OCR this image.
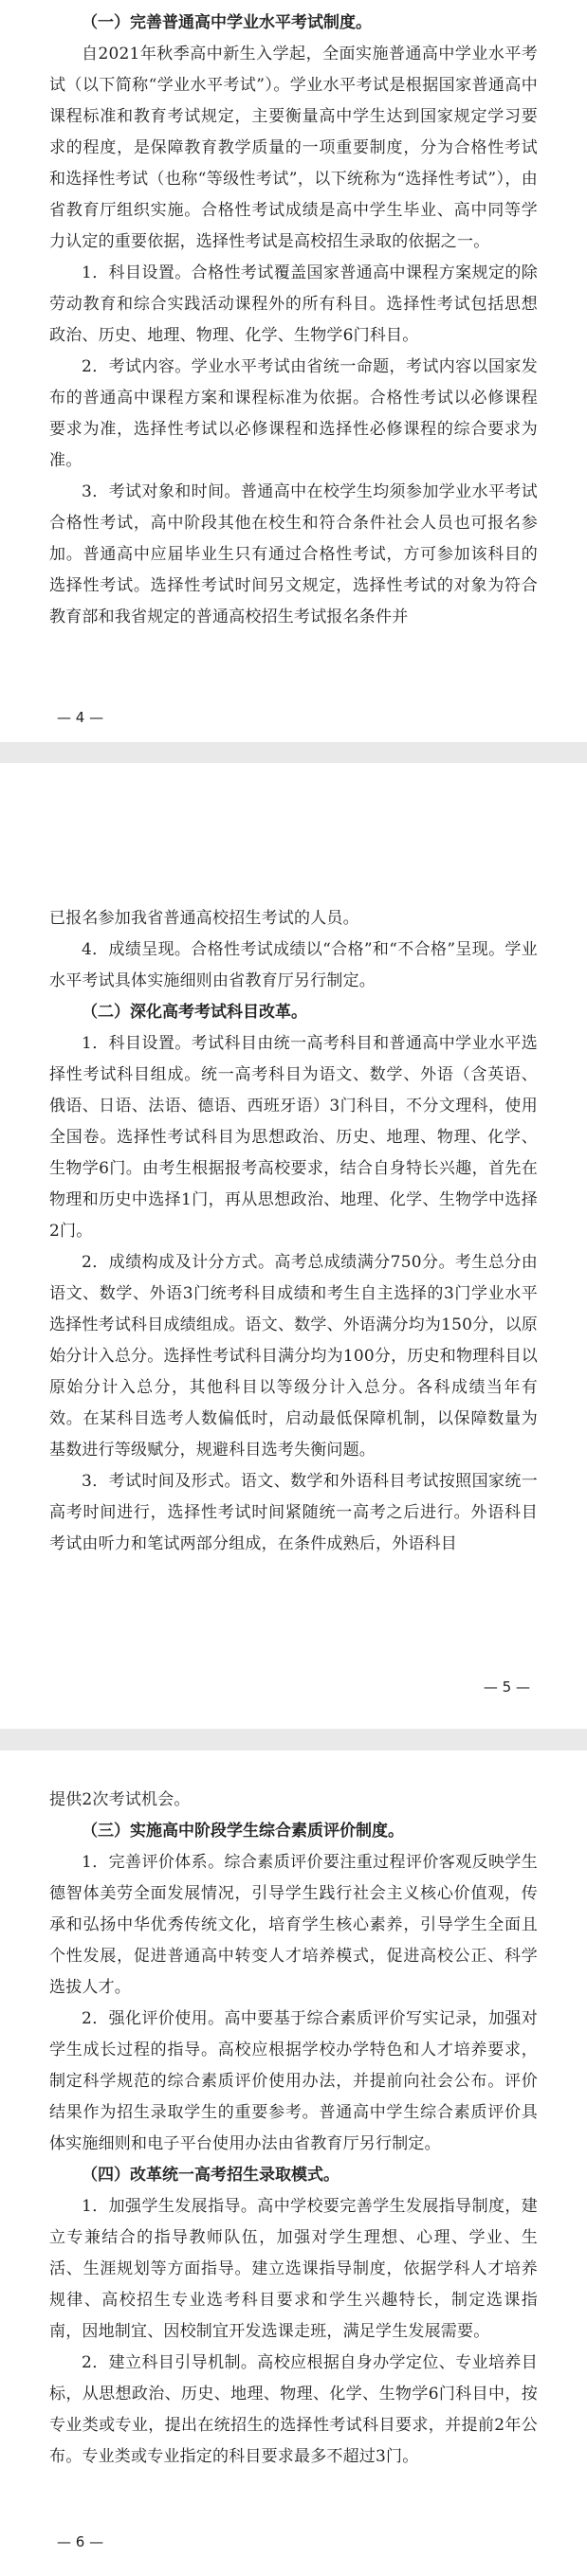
（一）完善普通高中学业水平考试制度。

自2021年秋季高中新生入学起，全面实施普通高中学业水平考试（以下简称“学业水平考试”）。学业水平考试是根据国家普通高中课程标准和教育考试规定，主要衡量高中学生达到国家规定学习要求的程度，是保障教育教学质量的一项重要制度，分为合格性考试和选择性考试（也称“等级性考试”，以下统称为“选择性考试”），由省教育厅组织实施。合格性考试成绩是高中学生毕业、高中同等学力认定的重要依据，选择性考试是高校招生录取的依据之一。

1．科目设置。合格性考试覆盖国家普通高中课程方案规定的除劳动教育和综合实践活动课程外的所有科目。选择性考试包括思想政治、历史、地理、物理、化学、生物学6门科目。

2．考试内容。学业水平考试由省统一命题，考试内容以国家发布的普通高中课程方案和课程标准为依据。合格性考试以必修课程要求为准，选择性考试以必修课程和选择性必修课程的综合要求为准。

3．考试对象和时间。普通高中在校学生均须参加学业水平考试合格性考试，高中阶段其他在校生和符合条件社会人员也可报名参加。普通高中应届毕业生只有通过合格性考试，方可参加该科目的选择性考试。选择性考试时间另文规定，选择性考试的对象为符合教育部和我省规定的普通高校招生考试报名条件并

— 4 —

已报名参加我省普通高校招生考试的人员。

4．成绩呈现。合格性考试成绩以“合格”和“不合格”呈现。学业水平考试具体实施细则由省教育厅另行制定。

（二）深化高考考试科目改革。

1．科目设置。考试科目由统一高考科目和普通高中学业水平选择性考试科目组成。统一高考科目为语文、数学、外语（含英语、俄语、日语、法语、德语、西班牙语）3门科目，不分文理科，使用全国卷。选择性考试科目为思想政治、历史、地理、物理、化学、生物学6门。由考生根据报考高校要求，结合自身特长兴趣，首先在物理和历史中选择1门，再从思想政治、地理、化学、生物学中选择2门。

2．成绩构成及计分方式。高考总成绩满分750分。考生总分由语文、数学、外语3门统考科目成绩和考生自主选择的3门学业水平选择性考试科目成绩组成。语文、数学、外语满分均为150分，以原始分计入总分。选择性考试科目满分均为100分，历史和物理科目以原始分计入总分，其他科目以等级分计入总分。各科成绩当年有效。在某科目选考人数偏低时，启动最低保障机制，以保障数量为基数进行等级赋分，规避科目选考失衡问题。

3．考试时间及形式。语文、数学和外语科目考试按照国家统一高考时间进行，选择性考试时间紧随统一高考之后进行。外语科目考试由听力和笔试两部分组成，在条件成熟后，外语科目

— 5 —

提供2次考试机会。

（三）实施高中阶段学生综合素质评价制度。

1．完善评价体系。综合素质评价要注重过程评价客观反映学生德智体美劳全面发展情况，引导学生践行社会主义核心价值观，传承和弘扬中华优秀传统文化，培育学生核心素养，引导学生全面且个性发展，促进普通高中转变人才培养模式，促进高校公正、科学选拔人才。

2．强化评价使用。高中要基于综合素质评价写实记录，加强对学生成长过程的指导。高校应根据学校办学特色和人才培养要求，制定科学规范的综合素质评价使用办法，并提前向社会公布。评价结果作为招生录取学生的重要参考。普通高中学生综合素质评价具体实施细则和电子平台使用办法由省教育厅另行制定。

（四）改革统一高考招生录取模式。

1．加强学生发展指导。高中学校要完善学生发展指导制度，建立专兼结合的指导教师队伍，加强对学生理想、心理、学业、生活、生涯规划等方面指导。建立选课指导制度，依据学科人才培养规律、高校招生专业选考科目要求和学生兴趣特长，制定选课指南，因地制宜、因校制宜开发选课走班，满足学生发展需要。

2．建立科目引导机制。高校应根据自身办学定位、专业培养目标，从思想政治、历史、地理、物理、化学、生物学6门科目中，按专业类或专业，提出在统招生的选择性考试科目要求，并提前2年公布。专业类或专业指定的科目要求最多不超过3门。

— 6 —
